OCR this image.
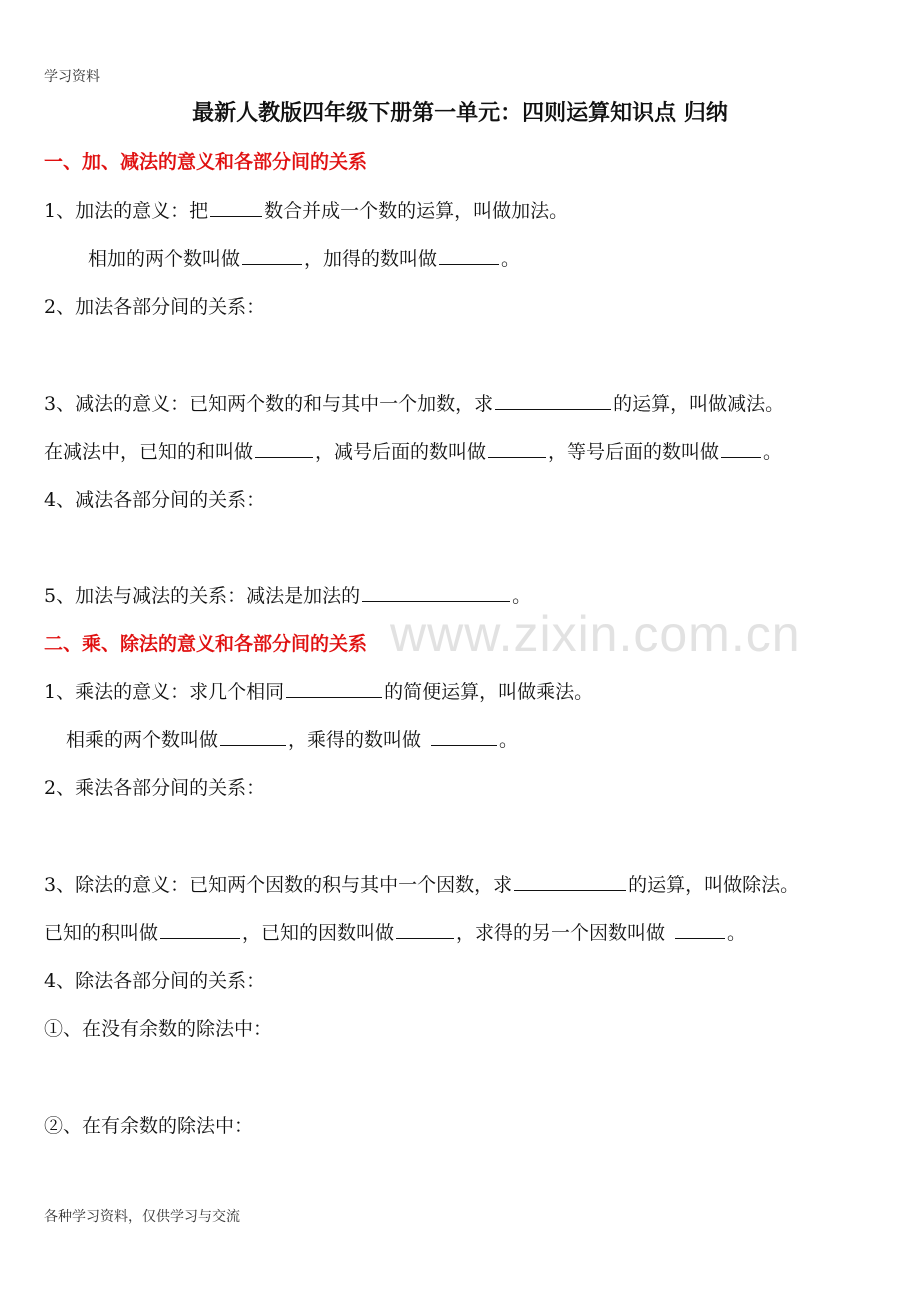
学习资料
最新人教版四年级下册第一单元：四则运算知识点 归纳
一、加、减法的意义和各部分间的关系
1、加法的意义：把	数合并成一个数的运算，叫做加法。
相加的两个数叫做	，加得的数叫做	。
2、加法各部分间的关系：
3、减法的意义：已知两个数的和与其中一个加数，求	的运算，叫做减法。
在减法中，已知的和叫做	，减号后面的数叫做	，等号后面的数叫做 。
4、减法各部分间的关系：
5、加法与减法的关系：减法是加法的	。
www.zixin.com.cn
二、乘、除法的意义和各部分间的关系
1、乘法的意义：求几个相同	的简便运算，叫做乘法。
相乘的两个数叫做	，乘得的数叫做	。
2、乘法各部分间的关系：
3、除法的意义：已知两个因数的积与其中一个因数，求	的运算，叫做除法。
已知的积叫做	，已知的因数叫做	，求得的另一个因数叫做	。
4、除法各部分间的关系：
①、在没有余数的除法中：
②、在有余数的除法中：
各种学习资料，仅供学习与交流
